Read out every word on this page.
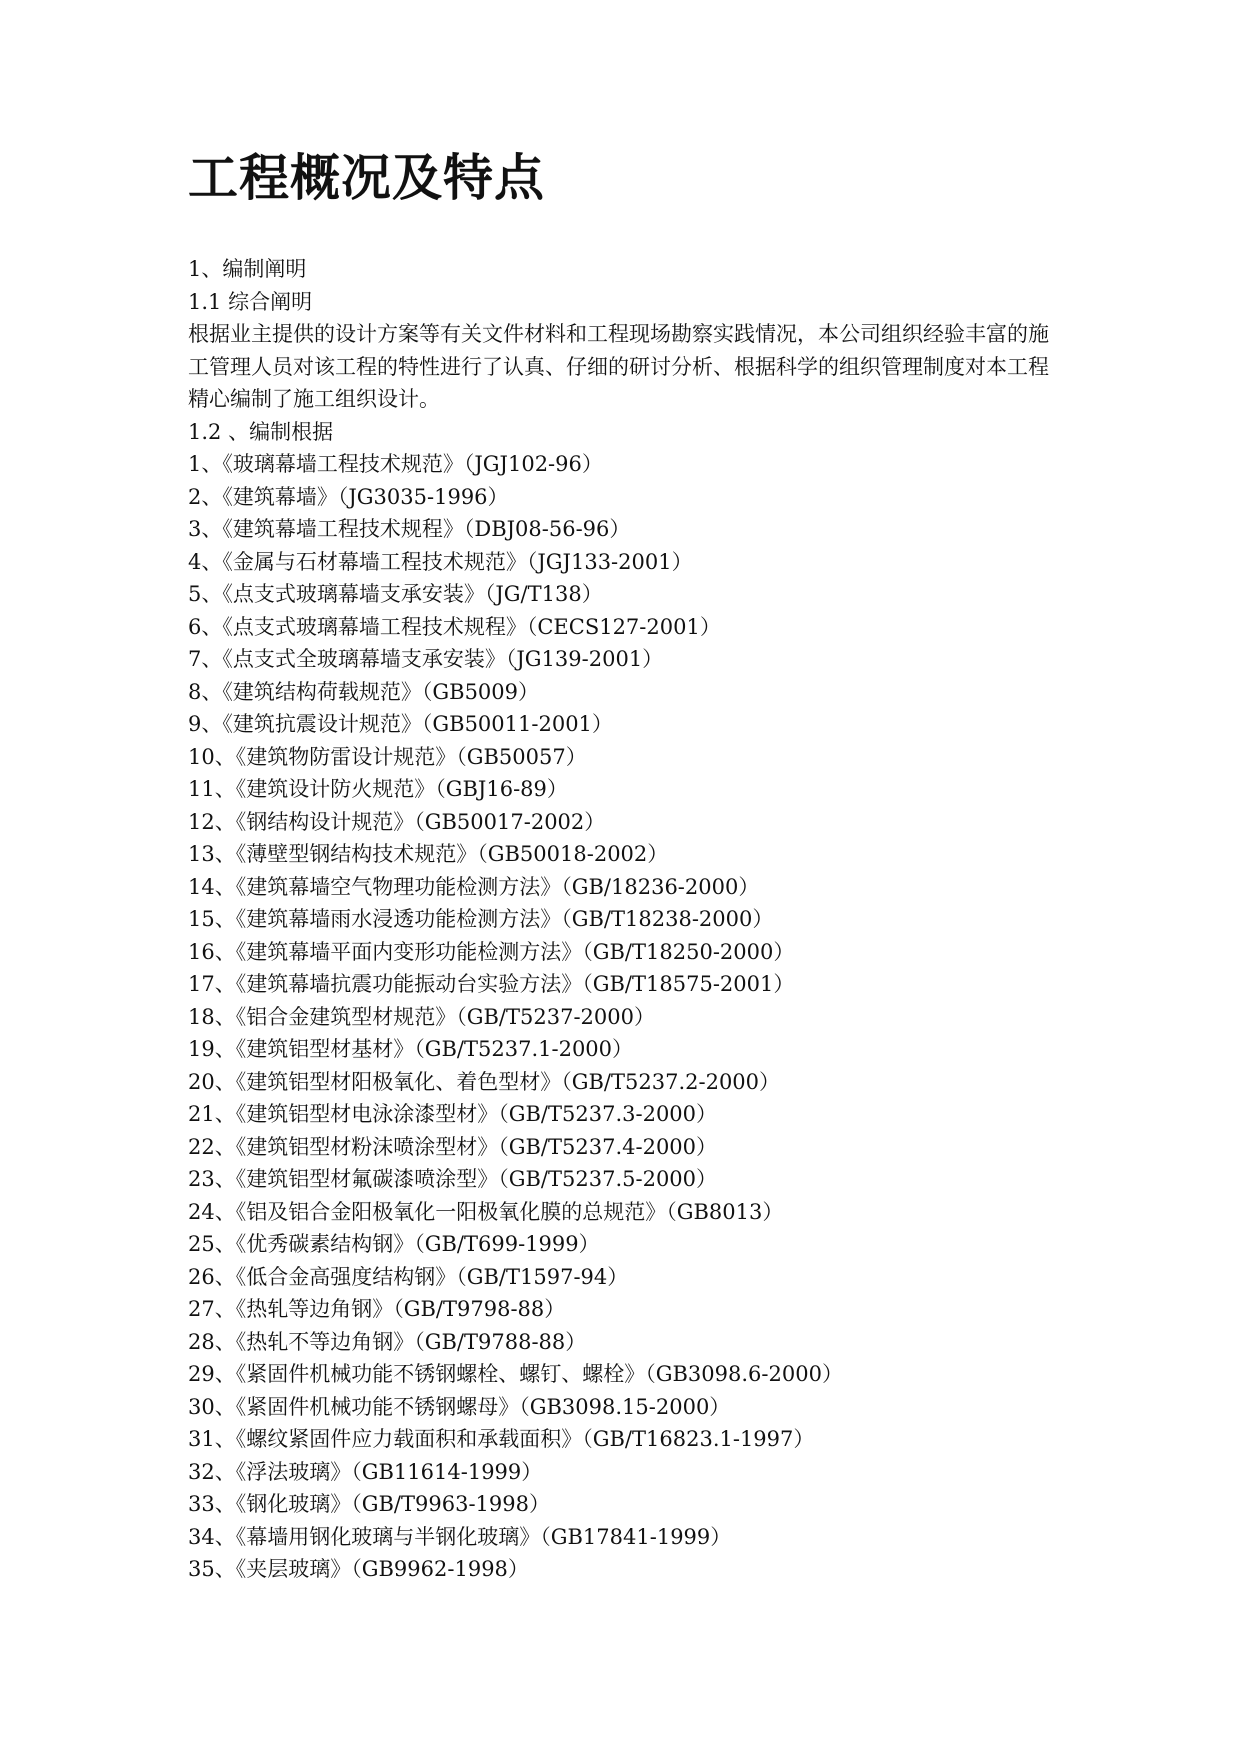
工程概况及特点
1、编制阐明
1.1 综合阐明

根据业主提供的设计方案等有关文件材料和工程现场勘察实践情况，本公司组织经验丰富的施工管理人员对该工程的特性进行了认真、仔细的研讨分析、根据科学的组织管理制度对本工程精心编制了施工组织设计。

1.2 、编制根据
1、《玻璃幕墙工程技术规范》（JGJ102-96）
2、《建筑幕墙》（JG3035-1996）
3、《建筑幕墙工程技术规程》（DBJ08-56-96）
4、《金属与石材幕墙工程技术规范》（JGJ133-2001）
5、《点支式玻璃幕墙支承安装》（JG/T138）
6、《点支式玻璃幕墙工程技术规程》（CECS127-2001）
7、《点支式全玻璃幕墙支承安装》（JG139-2001）
8、《建筑结构荷载规范》（GB5009）
9、《建筑抗震设计规范》（GB50011-2001）
10、《建筑物防雷设计规范》（GB50057）
11、《建筑设计防火规范》（GBJ16-89）
12、《钢结构设计规范》（GB50017-2002）
13、《薄壁型钢结构技术规范》（GB50018-2002）
14、《建筑幕墙空气物理功能检测方法》（GB/18236-2000）
15、《建筑幕墙雨水浸透功能检测方法》（GB/T18238-2000）
16、《建筑幕墙平面内变形功能检测方法》（GB/T18250-2000）
17、《建筑幕墙抗震功能振动台实验方法》（GB/T18575-2001）
18、《铝合金建筑型材规范》（GB/T5237-2000）
19、《建筑铝型材基材》（GB/T5237.1-2000）
20、《建筑铝型材阳极氧化、着色型材》（GB/T5237.2-2000）
21、《建筑铝型材电泳涂漆型材》（GB/T5237.3-2000）
22、《建筑铝型材粉沫喷涂型材》（GB/T5237.4-2000）
23、《建筑铝型材氟碳漆喷涂型》（GB/T5237.5-2000）
24、《铝及铝合金阳极氧化一阳极氧化膜的总规范》（GB8013）
25、《优秀碳素结构钢》（GB/T699-1999）
26、《低合金高强度结构钢》（GB/T1597-94）
27、《热轧等边角钢》（GB/T9798-88）
28、《热轧不等边角钢》（GB/T9788-88）
29、《紧固件机械功能不锈钢螺栓、螺钉、螺栓》（GB3098.6-2000）
30、《紧固件机械功能不锈钢螺母》（GB3098.15-2000）
31、《螺纹紧固件应力载面积和承载面积》（GB/T16823.1-1997）
32、《浮法玻璃》（GB11614-1999）
33、《钢化玻璃》（GB/T9963-1998）
34、《幕墙用钢化玻璃与半钢化玻璃》（GB17841-1999）
35、《夹层玻璃》（GB9962-1998）
